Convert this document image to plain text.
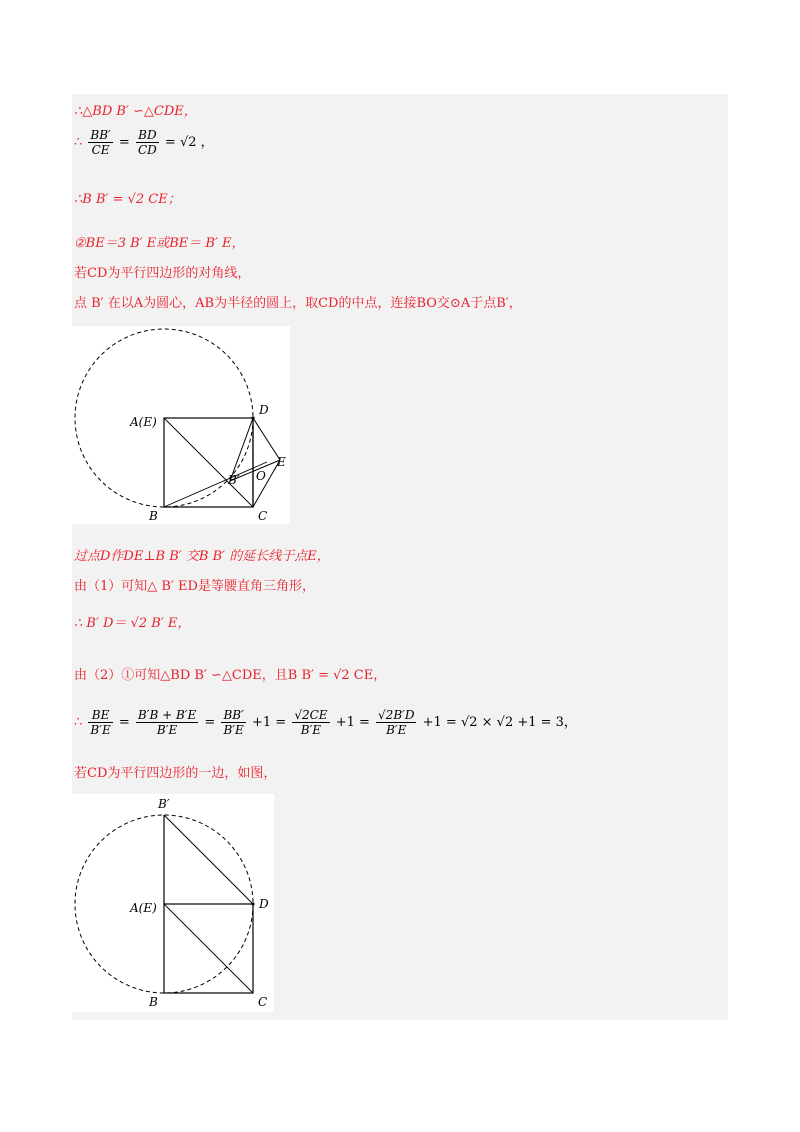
∴△BD B′ ∽△CDE，
∴ $\frac{BB'}{CE} = \frac{BD}{CD} = √2$ ，
∴B B′ = √2 CE；
②BE＝3 B′ E或BE＝ B′ E，
若CD为平行四边形的对角线，
点 B′ 在以A为圆心，AB为半径的圆上，取CD的中点，连接BO交⊙A于点B′，
A(E)
D
E
B′ O
B	C
过点D作DE⊥B B′ 交B B′ 的延长线于点E，
由（1）可知△ B′ ED是等腰直角三角形，
∴ B′ D＝ √2 B′ E，
由（2）①可知△BD B′ ∽△CDE，且B B′ = √2 CE，
∴ $\frac{BE}{B'E} = \frac{B'B + B'E}{B'E} = \frac{BB'}{B'E} +1 = \frac{√2CE}{B'E} +1 = \frac{√2B'D}{B'E} +1 = √2 \times √2 +1 = 3$，
若CD为平行四边形的一边，如图，
B′
A(E)	D
B	C
